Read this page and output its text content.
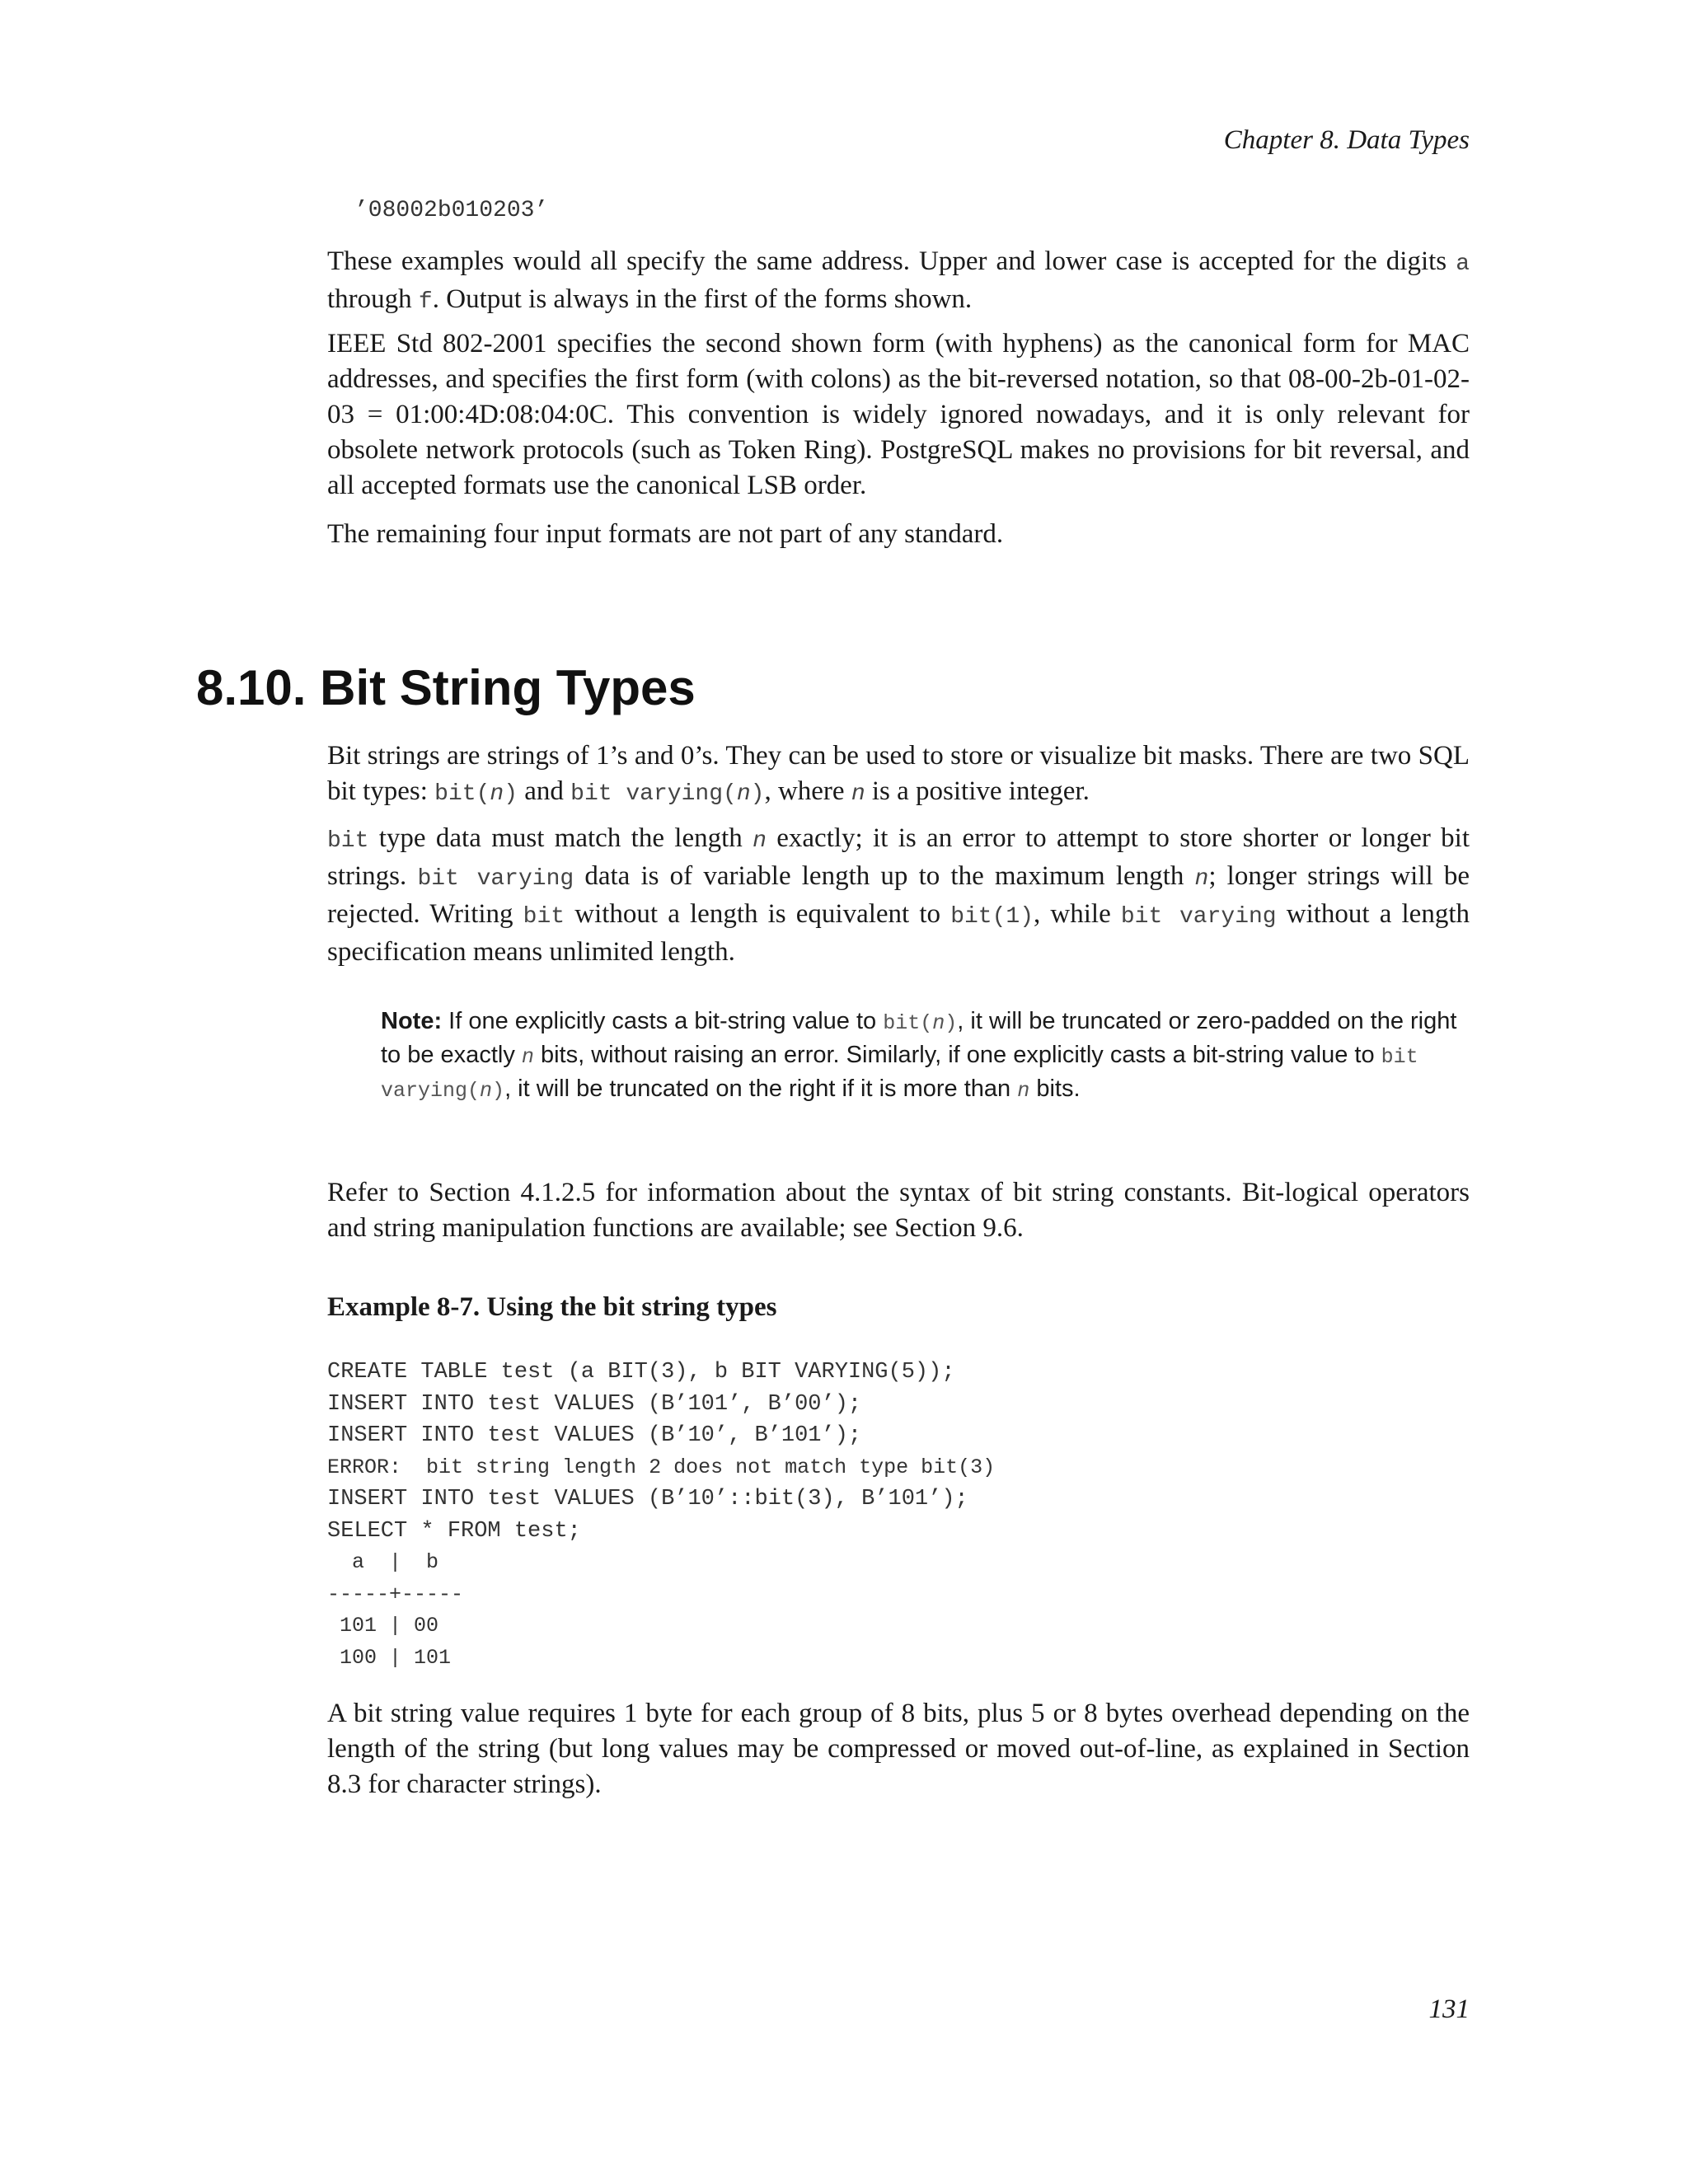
Chapter 8. Data Types
’08002b010203’

These examples would all specify the same address. Upper and lower case is accepted for the digits a through f. Output is always in the first of the forms shown.

IEEE Std 802-2001 specifies the second shown form (with hyphens) as the canonical form for MAC addresses, and specifies the first form (with colons) as the bit-reversed notation, so that 08-00-2b-01-02-03 = 01:00:4D:08:04:0C. This convention is widely ignored nowadays, and it is only relevant for obsolete network protocols (such as Token Ring). PostgreSQL makes no provisions for bit reversal, and all accepted formats use the canonical LSB order.

The remaining four input formats are not part of any standard.

8.10. Bit String Types

Bit strings are strings of 1’s and 0’s. They can be used to store or visualize bit masks. There are two SQL bit types: bit(n) and bit varying(n), where n is a positive integer.

bit type data must match the length n exactly; it is an error to attempt to store shorter or longer bit strings. bit varying data is of variable length up to the maximum length n; longer strings will be rejected. Writing bit without a length is equivalent to bit(1), while bit varying without a length specification means unlimited length.

Note: If one explicitly casts a bit-string value to bit(n), it will be truncated or zero-padded on the right to be exactly n bits, without raising an error. Similarly, if one explicitly casts a bit-string value to bit varying(n), it will be truncated on the right if it is more than n bits.

Refer to Section 4.1.2.5 for information about the syntax of bit string constants. Bit-logical operators and string manipulation functions are available; see Section 9.6.

Example 8-7. Using the bit string types
CREATE TABLE test (a BIT(3), b BIT VARYING(5));
INSERT INTO test VALUES (B’101’, B’00’);
INSERT INTO test VALUES (B’10’, B’101’);
ERROR:  bit string length 2 does not match type bit(3)
INSERT INTO test VALUES (B’10’::bit(3), B’101’);
SELECT * FROM test;
a  |  b
-----+-----
101 | 00
100 | 101

A bit string value requires 1 byte for each group of 8 bits, plus 5 or 8 bytes overhead depending on the length of the string (but long values may be compressed or moved out-of-line, as explained in Section 8.3 for character strings).

131
